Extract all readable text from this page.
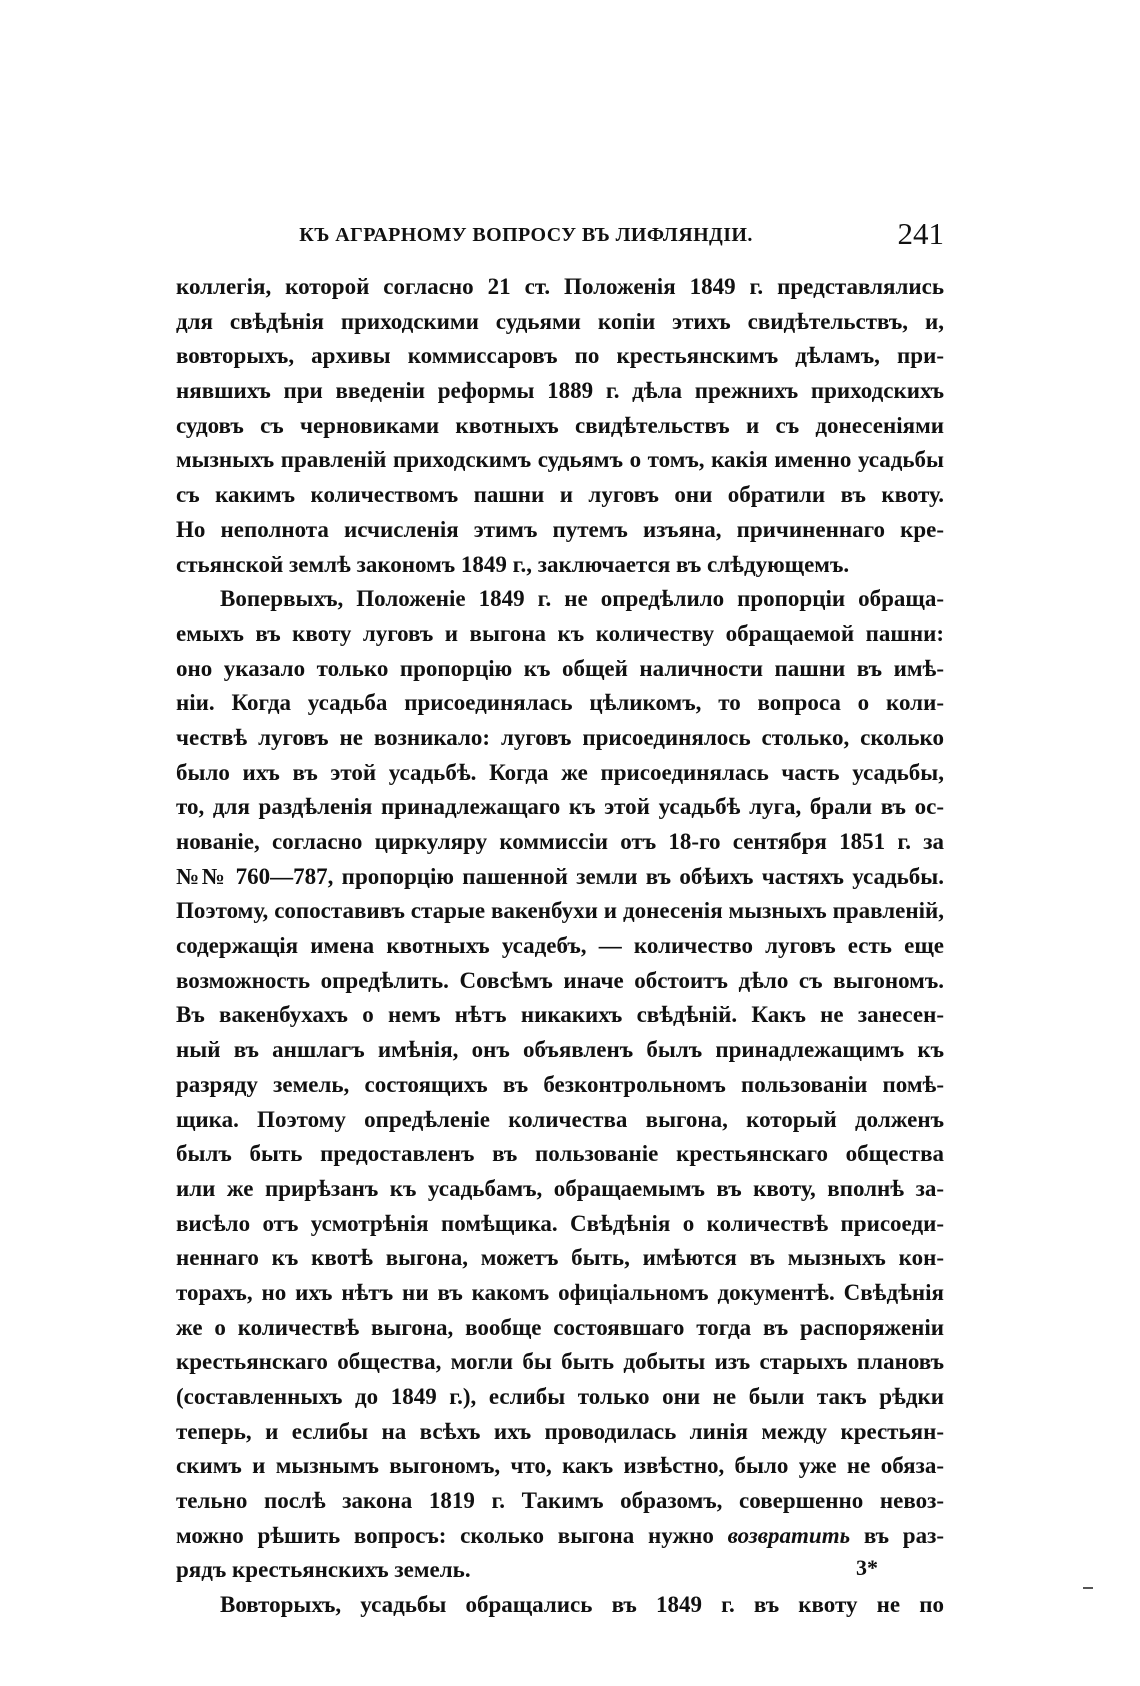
КЪ АГРАРНОМУ ВОПРОСУ ВЪ ЛИФЛЯНДІИ.	241
коллегія, которой согласно 21 ст. Положенія 1849 г. представлялись
для свѣдѣнія приходскими судьями копіи этихъ свидѣтельствъ, и,
вовторыхъ, архивы коммиссаровъ по крестьянскимъ дѣламъ, при-
нявшихъ при введеніи реформы 1889 г. дѣла прежнихъ приходскихъ
судовъ съ черновиками квотныхъ свидѣтельствъ и съ донесеніями
мызныхъ правленій приходскимъ судьямъ о томъ, какія именно усадьбы
съ какимъ количествомъ пашни и луговъ они обратили въ квоту.
Но неполнота исчисленія этимъ путемъ изъяна, причиненнаго кре-
стьянской землѣ закономъ 1849 г., заключается въ слѣдующемъ.
Вопервыхъ, Положеніе 1849 г. не опредѣлило пропорціи обраща-
емыхъ въ квоту луговъ и выгона къ количеству обращаемой пашни:
оно указало только пропорцію къ общей наличности пашни въ имѣ-
ніи. Когда усадьба присоединялась цѣликомъ, то вопроса о коли-
чествѣ луговъ не возникало: луговъ присоединялось столько, сколько
было ихъ въ этой усадьбѣ. Когда же присоединялась часть усадьбы,
то, для раздѣленія принадлежащаго къ этой усадьбѣ луга, брали въ ос-
нованіе, согласно циркуляру коммиссіи отъ 18-го сентября 1851 г. за
№№ 760—787, пропорцію пашенной земли въ обѣихъ частяхъ усадьбы.
Поэтому, сопоставивъ старые вакенбухи и донесенія мызныхъ правленій,
содержащія имена квотныхъ усадебъ, — количество луговъ есть еще
возможность опредѣлить. Совсѣмъ иначе обстоитъ дѣло съ выгономъ.
Въ вакенбухахъ о немъ нѣтъ никакихъ свѣдѣній. Какъ не занесен-
ный въ аншлагъ имѣнія, онъ объявленъ былъ принадлежащимъ къ
разряду земель, состоящихъ въ безконтрольномъ пользованіи помѣ-
щика. Поэтому опредѣленіе количества выгона, который долженъ
былъ быть предоставленъ въ пользованіе крестьянскаго общества
или же прирѣзанъ къ усадьбамъ, обращаемымъ въ квоту, вполнѣ за-
висѣло отъ усмотрѣнія помѣщика. Свѣдѣнія о количествѣ присоеди-
неннаго къ квотѣ выгона, можетъ быть, имѣются въ мызныхъ кон-
торахъ, но ихъ нѣтъ ни въ какомъ офиціальномъ документѣ. Свѣдѣнія
же о количествѣ выгона, вообще состоявшаго тогда въ распоряженіи
крестьянскаго общества, могли бы быть добыты изъ старыхъ плановъ
(составленныхъ до 1849 г.), еслибы только они не были такъ рѣдки
теперь, и еслибы на всѣхъ ихъ проводилась линія между крестьян-
скимъ и мызнымъ выгономъ, что, какъ извѣстно, было уже не обяза-
тельно послѣ закона 1819 г. Такимъ образомъ, совершенно невоз-
можно рѣшить вопросъ: сколько выгона нужно возвратить въ раз-
рядъ крестьянскихъ земель.
Вовторыхъ, усадьбы обращались въ 1849 г. въ квоту не по
3*
